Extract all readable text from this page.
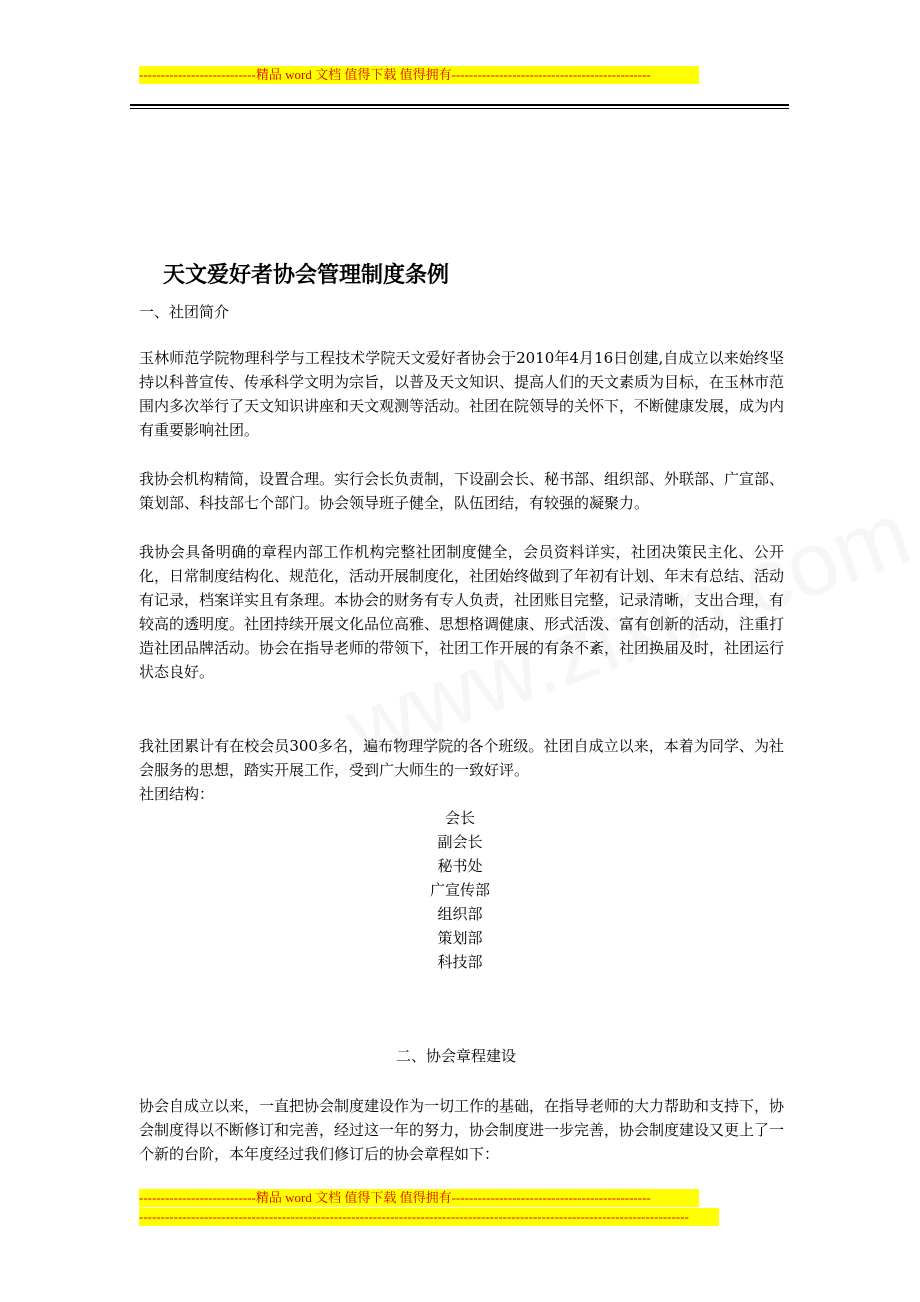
---------------------------精品 word 文档 值得下载 值得拥有----------------------------------------------
天文爱好者协会管理制度条例
一、社团简介
玉林师范学院物理科学与工程技术学院天文爱好者协会于2010年4月16日创建,自成立以来始终坚持以科普宣传、传承科学文明为宗旨，以普及天文知识、提高人们的天文素质为目标，在玉林市范围内多次举行了天文知识讲座和天文观测等活动。社团在院领导的关怀下，不断健康发展，成为内有重要影响社团。
我协会机构精简，设置合理。实行会长负责制，下设副会长、秘书部、组织部、外联部、广宣部、策划部、科技部七个部门。协会领导班子健全，队伍团结，有较强的凝聚力。
我协会具备明确的章程内部工作机构完整社团制度健全，会员资料详实，社团决策民主化、公开化，日常制度结构化、规范化，活动开展制度化，社团始终做到了年初有计划、年末有总结、活动有记录，档案详实且有条理。本协会的财务有专人负责，社团账目完整，记录清晰，支出合理，有较高的透明度。社团持续开展文化品位高雅、思想格调健康、形式活泼、富有创新的活动，注重打造社团品牌活动。协会在指导老师的带领下，社团工作开展的有条不紊，社团换届及时，社团运行状态良好。
我社团累计有在校会员300多名，遍布物理学院的各个班级。社团自成立以来，本着为同学、为社会服务的思想，踏实开展工作，受到广大师生的一致好评。
社团结构：
会长
副会长
秘书处
广宣传部
组织部
策划部
科技部
二、协会章程建设
协会自成立以来，一直把协会制度建设作为一切工作的基础，在指导老师的大力帮助和支持下，协会制度得以不断修订和完善，经过这一年的努力，协会制度进一步完善，协会制度建设又更上了一个新的台阶，本年度经过我们修订后的协会章程如下：
---------------------------精品 word 文档 值得下载 值得拥有----------------------------------------------
-------------------------------------------------------------------------------------------------------------------------------
